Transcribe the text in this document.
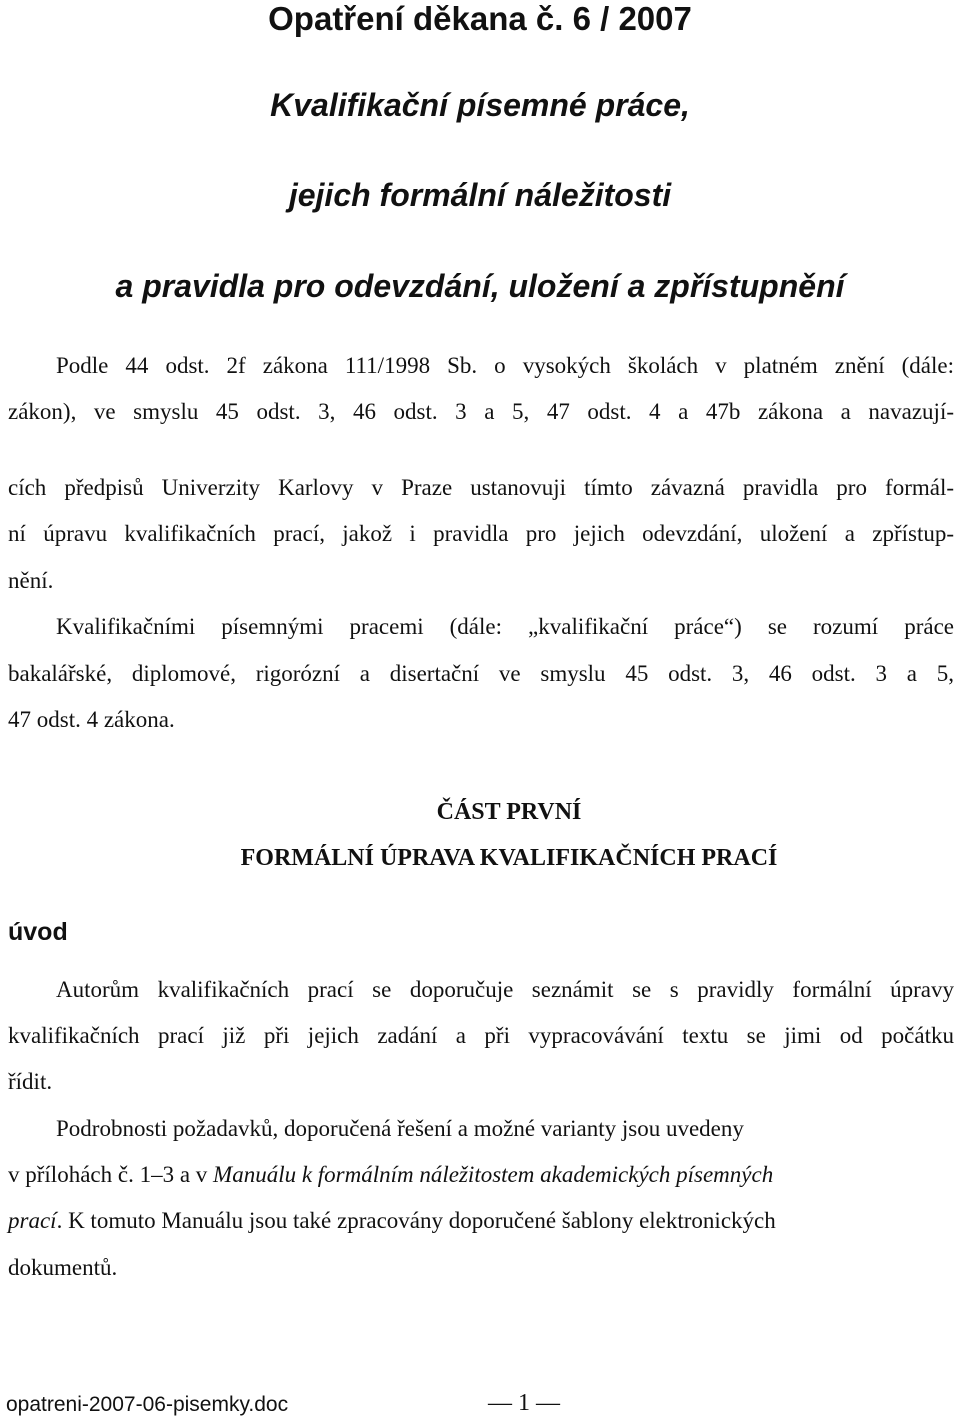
Opatření děkana č. 6 / 2007
Kvalifikační písemné práce,
jejich formální náležitosti
a pravidla pro odevzdání, uložení a zpřístupnění
Podle 44 odst. 2f zákona 111/1998 Sb. o vysokých školách v platném znění (dále:
zákon), ve smyslu 45 odst. 3, 46 odst. 3 a 5, 47 odst. 4 a 47b zákona a navazují-
cích předpisů Univerzity Karlovy v Praze ustanovuji tímto závazná pravidla pro formál-
ní úpravu kvalifikačních prací, jakož i pravidla pro jejich odevzdání, uložení a zpřístup-
nění.
Kvalifikačními písemnými pracemi (dále: „kvalifikační práce“) se rozumí práce
bakalářské, diplomové, rigorózní a disertační ve smyslu 45 odst. 3, 46 odst. 3 a 5,
47 odst. 4 zákona.
ČÁST PRVNÍ
FORMÁLNÍ ÚPRAVA KVALIFIKAČNÍCH PRACÍ
úvod
Autorům kvalifikačních prací se doporučuje seznámit se s pravidly formální úpravy
kvalifikačních prací již při jejich zadání a při vypracovávání textu se jimi od počátku
řídit.
Podrobnosti požadavků, doporučená řešení a možné varianty jsou uvedeny
v přílohách č. 1–3 a v Manuálu k formálním náležitostem akademických písemných
prací. K tomuto Manuálu jsou také zpracovány doporučené šablony elektronických
dokumentů.
opatreni-2007-06-pisemky.doc	— 1 —
